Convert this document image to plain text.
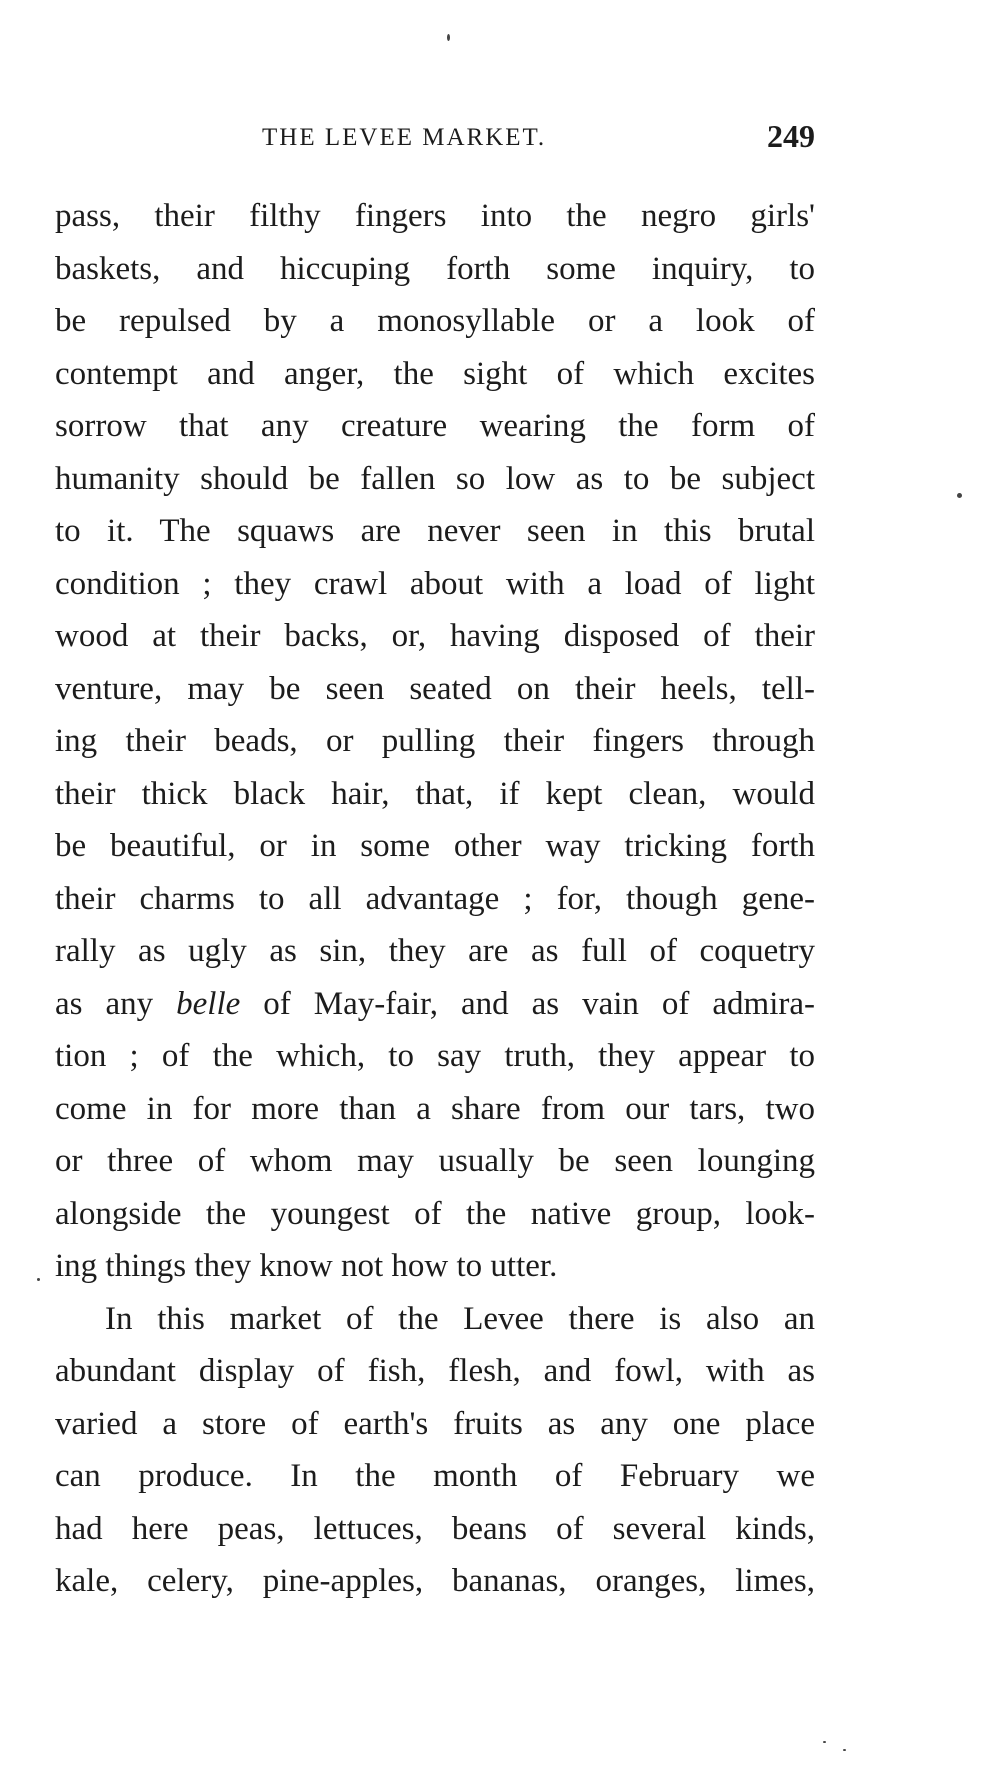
THE LEVEE MARKET.	249
pass, their filthy fingers into the negro girls'
baskets, and hiccuping forth some inquiry, to
be repulsed by a monosyllable or a look of
contempt and anger, the sight of which excites
sorrow that any creature wearing the form of
humanity should be fallen so low as to be subject
to it. The squaws are never seen in this brutal
condition ; they crawl about with a load of light
wood at their backs, or, having disposed of their
venture, may be seen seated on their heels, tell-
ing their beads, or pulling their fingers through
their thick black hair, that, if kept clean, would
be beautiful, or in some other way tricking forth
their charms to all advantage ; for, though gene-
rally as ugly as sin, they are as full of coquetry
as any belle of May-fair, and as vain of admira-
tion ; of the which, to say truth, they appear to
come in for more than a share from our tars, two
or three of whom may usually be seen lounging
alongside the youngest of the native group, look-
ing things they know not how to utter.
In this market of the Levee there is also an
abundant display of fish, flesh, and fowl, with as
varied a store of earth's fruits as any one place
can produce. In the month of February we
had here peas, lettuces, beans of several kinds,
kale, celery, pine-apples, bananas, oranges, limes,
